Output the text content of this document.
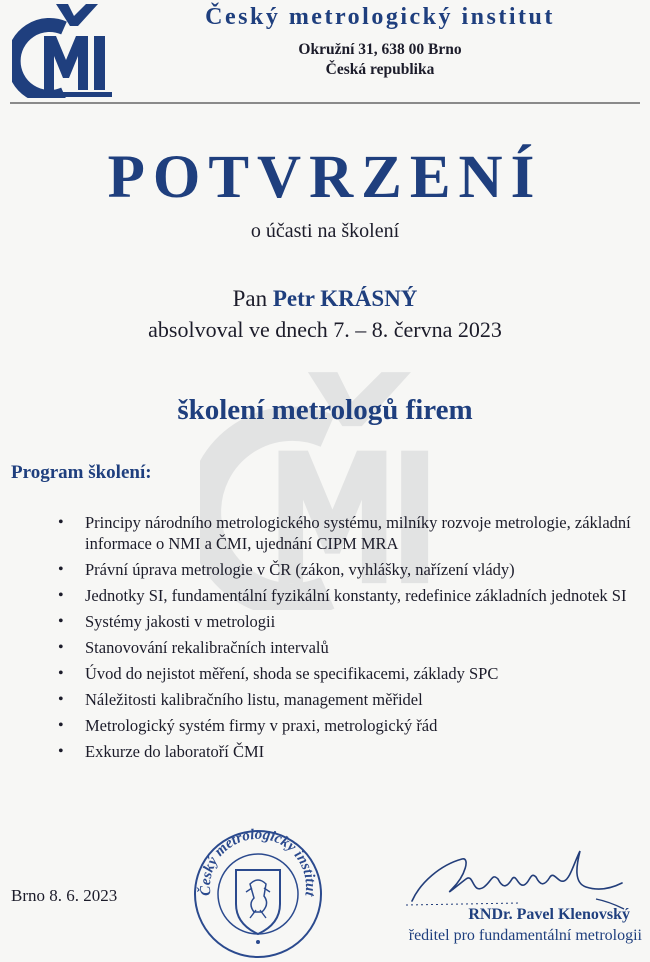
Český metrologický institut
Okružní 31, 638 00 Brno
Česká republika
POTVRZENÍ
o účasti na školení
Pan Petr KRÁSNÝ
absolvoval ve dnech 7. – 8. června 2023
školení metrologů firem
Program školení:
• Principy národního metrologického systému, milníky rozvoje metrologie, základní informace o NMI a ČMI, ujednání CIPM MRA
• Právní úprava metrologie v ČR (zákon, vyhlášky, nařízení vlády)
• Jednotky SI, fundamentální fyzikální konstanty, redefinice základních jednotek SI
• Systémy jakosti v metrologii
• Stanovování rekalibračních intervalů
• Úvod do nejistot měření, shoda se specifikacemi, základy SPC
• Náležitosti kalibračního listu, management měřidel
• Metrologický systém firmy v praxi, metrologický řád
• Exkurze do laboratoří ČMI
Brno 8. 6. 2023	Český metrologický institut
RNDr. Pavel Klenovský
ředitel pro fundamentální metrologii
